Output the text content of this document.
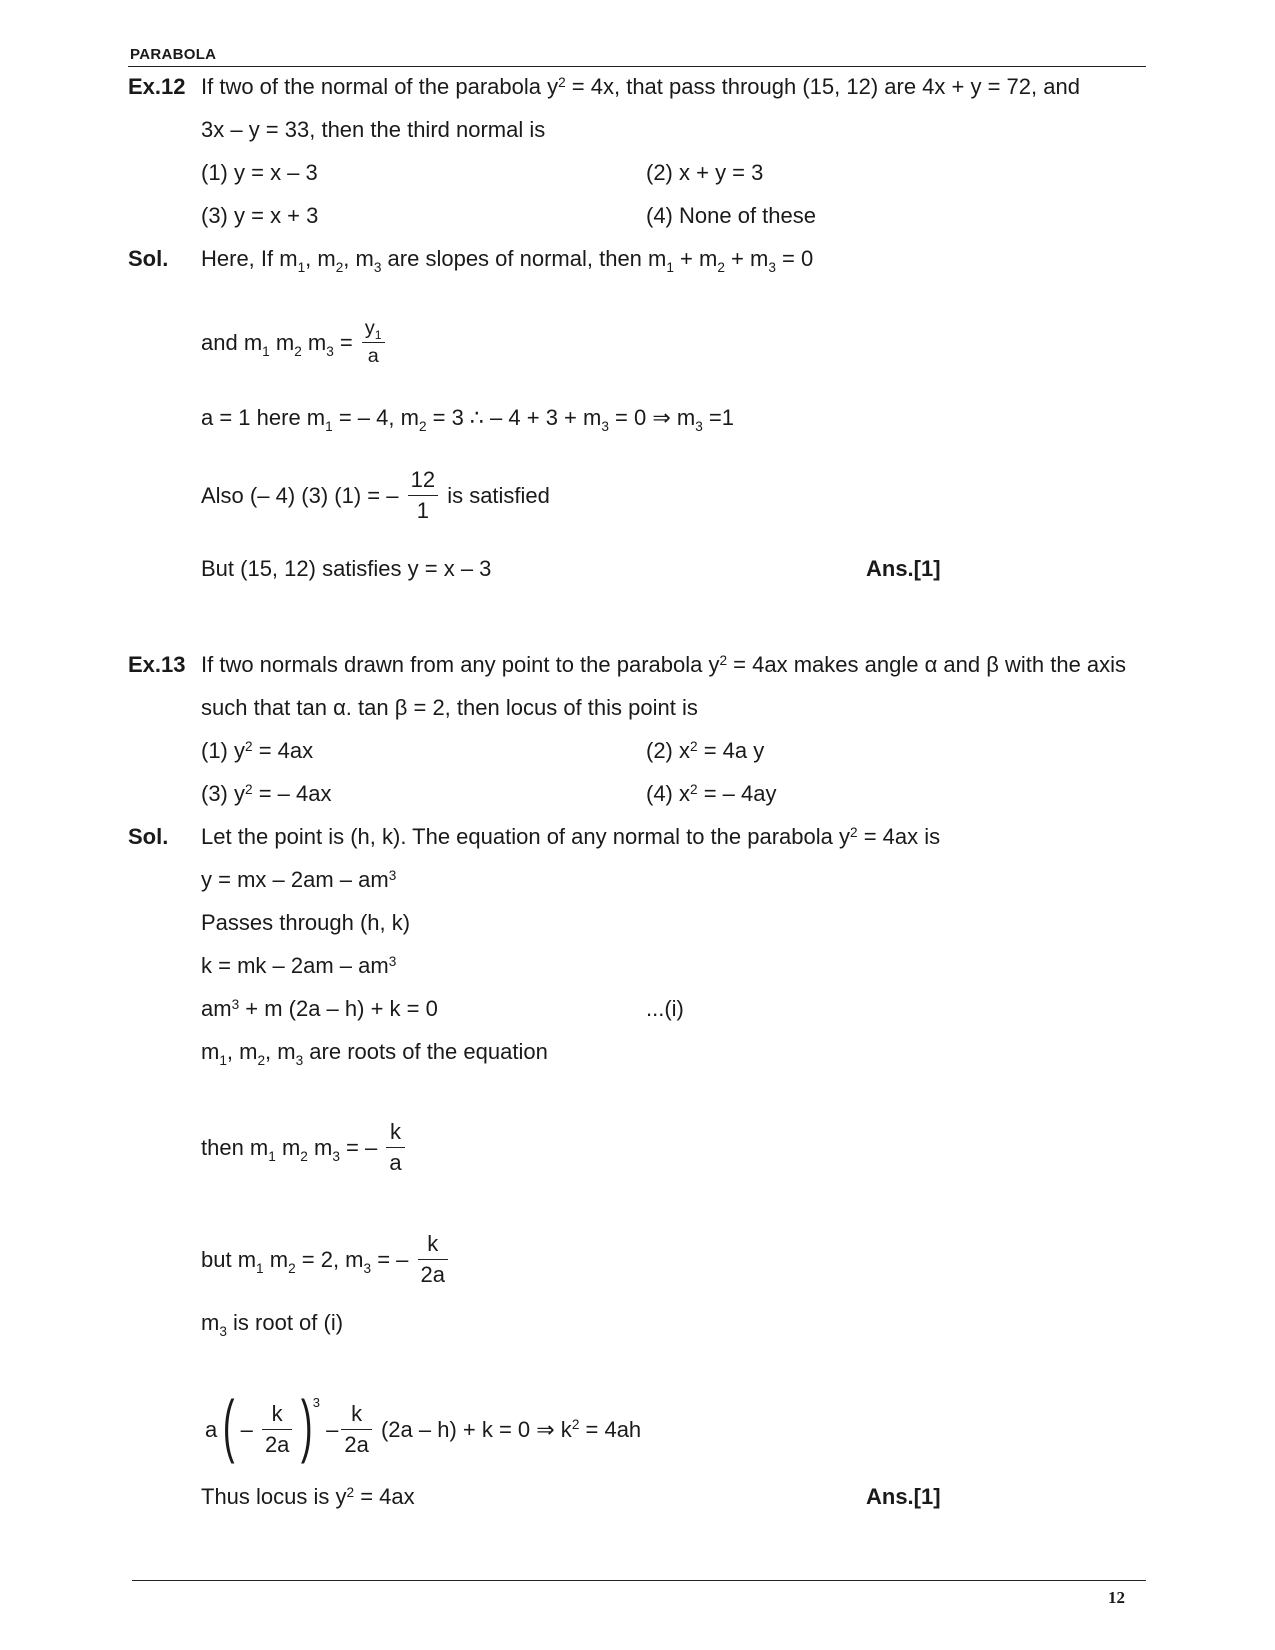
PARABOLA
Ex.12 If two of the normal of the parabola $y^2 = 4x$, that pass through (15, 12) are 4x + y = 72, and
3x – y = 33, then the third normal is
(1) y = x – 3	(2) x + y = 3
(3) y = x + 3	(4) None of these
Sol. Here, If $m_1$, $m_2$, $m_3$ are slopes of normal, then $m_1 + m_2 + m_3 = 0$
and $m_1$ $m_2$ $m_3 = \frac{y_1}{a}$
a = 1 here $m_1$ = – 4, $m_2 = 3$ ∴ – $4 + 3 + m_3 = 0$ ⇒ $m_3 =1$
Also (– 4) (3) (1) = – $\frac{12}{1}$ is satisfied
But (15, 12) satisfies y = x – 3	Ans.[1]
Ex.13 If two normals drawn from any point to the parabola $y^2 = 4ax$ makes angle α and β with the axis
such that tan α. tan β = 2, then locus of this point is
(1) $y^2 = 4ax$	(2) $x^2 = 4a$ y
(3) $y^2$ = – 4ax	(4) $x^2$ = – 4ay
Sol. Let the point is (h, k). The equation of any normal to the parabola $y^2 = 4ax$ is
y = mx – $2am - am^3$
Passes through (h, k)
k = mk – $2am - am^3$
$am^3 + m$ (2a – h) + k = 0	...(i)
$m_1$, $m_2$, $m_3$ are roots of the equation
then $m_1$ $m_2$ $m_3$ = – $\frac{k}{a}$
but $m_1$ $m_2 = 2$, $m_3$ = – $\frac{k}{2a}$
$m_3$ is root of (i)
$a( - \frac{k}{2a} )^3 - \frac{k}{2a} (2a - h) + k = 0$ ⇒ $k^2 = 4ah$
Thus locus is $y^2 = 4ax$	Ans.[1]
12
